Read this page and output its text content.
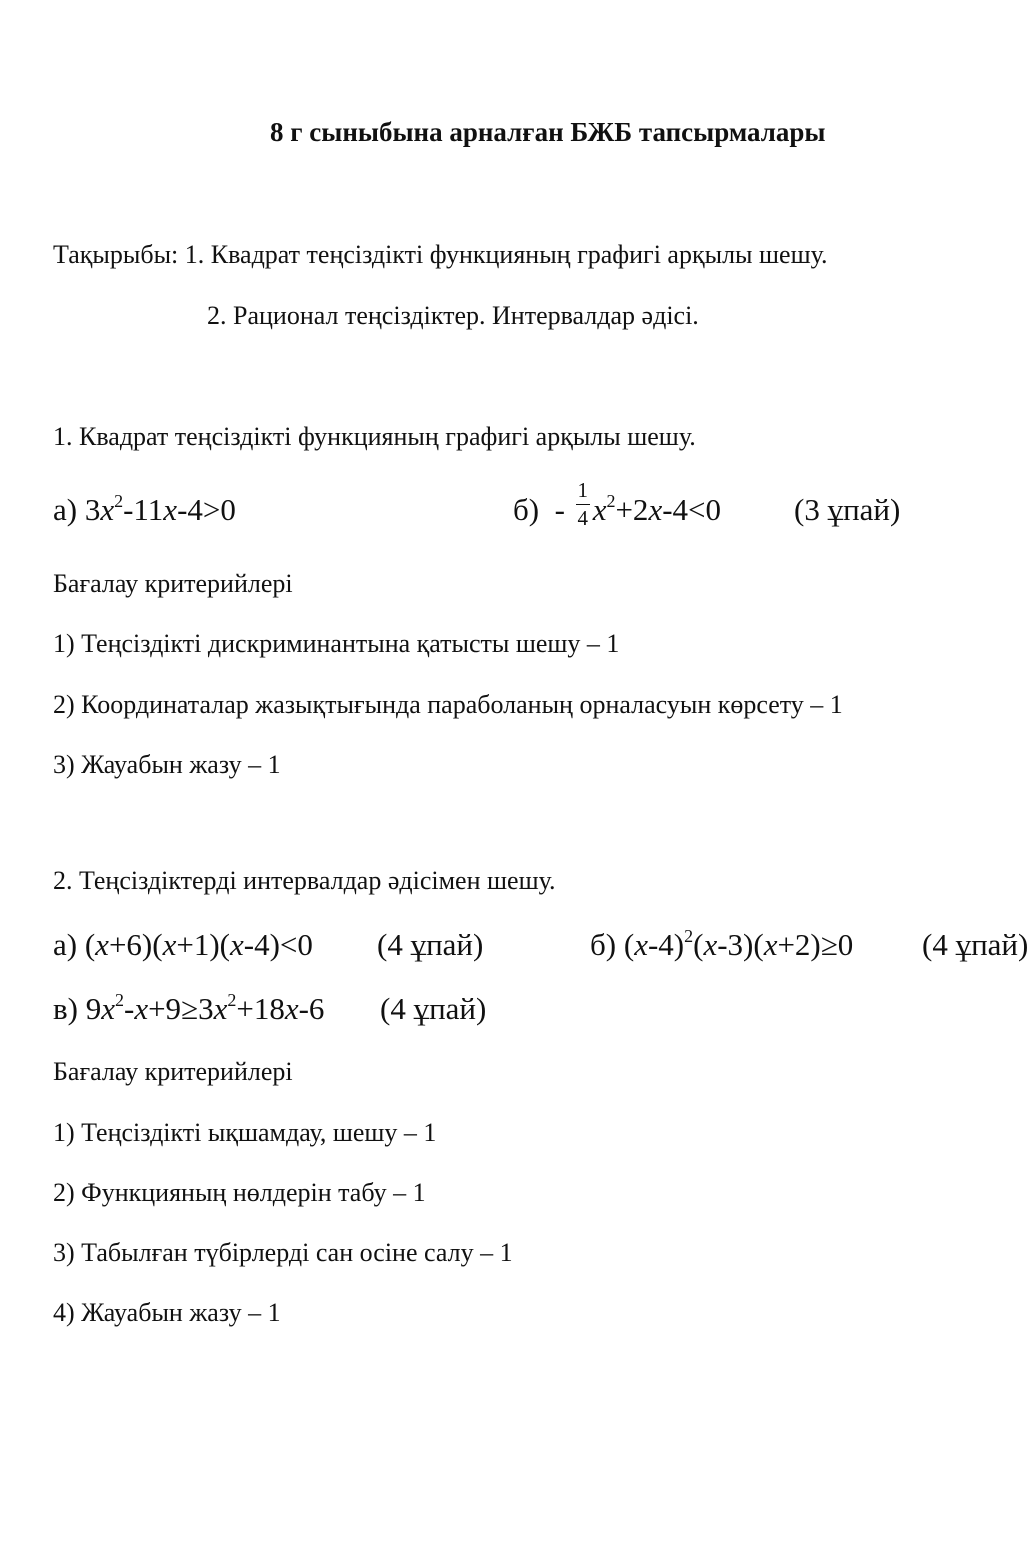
8 г сыныбына арналған БЖБ тапсырмалары
Тақырыбы: 1. Квадрат теңсіздікті функцияның графигі арқылы шешу.
2. Рационал теңсіздіктер. Интервалдар әдісі.
1. Квадрат теңсіздікті функцияның графигі арқылы шешу.
а) $3x^2-11x-4>0$	$б) - \frac{1}{4} x^2+2x-4<0$ (3 ұпай)
Бағалау критерийлері
1) Теңсіздікті дискриминантына қатысты шешу – 1
2) Координаталар жазықтығында параболаның орналасуын көрсету – 1
3) Жауабын жазу – 1
2. Теңсіздіктерді интервалдар әдісімен шешу.
а) (x+6)(x+1)(x-4)<0 (4 ұпай)	б) $(x-4)^2(x-3)(x+2)\ge 0$ (4 ұпай)
в) $9x^2-x+9\ge 3x^2+18x-6$ (4 ұпай)
Бағалау критерийлері
1) Теңсіздікті ықшамдау, шешу – 1
2) Функцияның нөлдерін табу – 1
3) Табылған түбірлерді сан осіне салу – 1
4) Жауабын жазу – 1
